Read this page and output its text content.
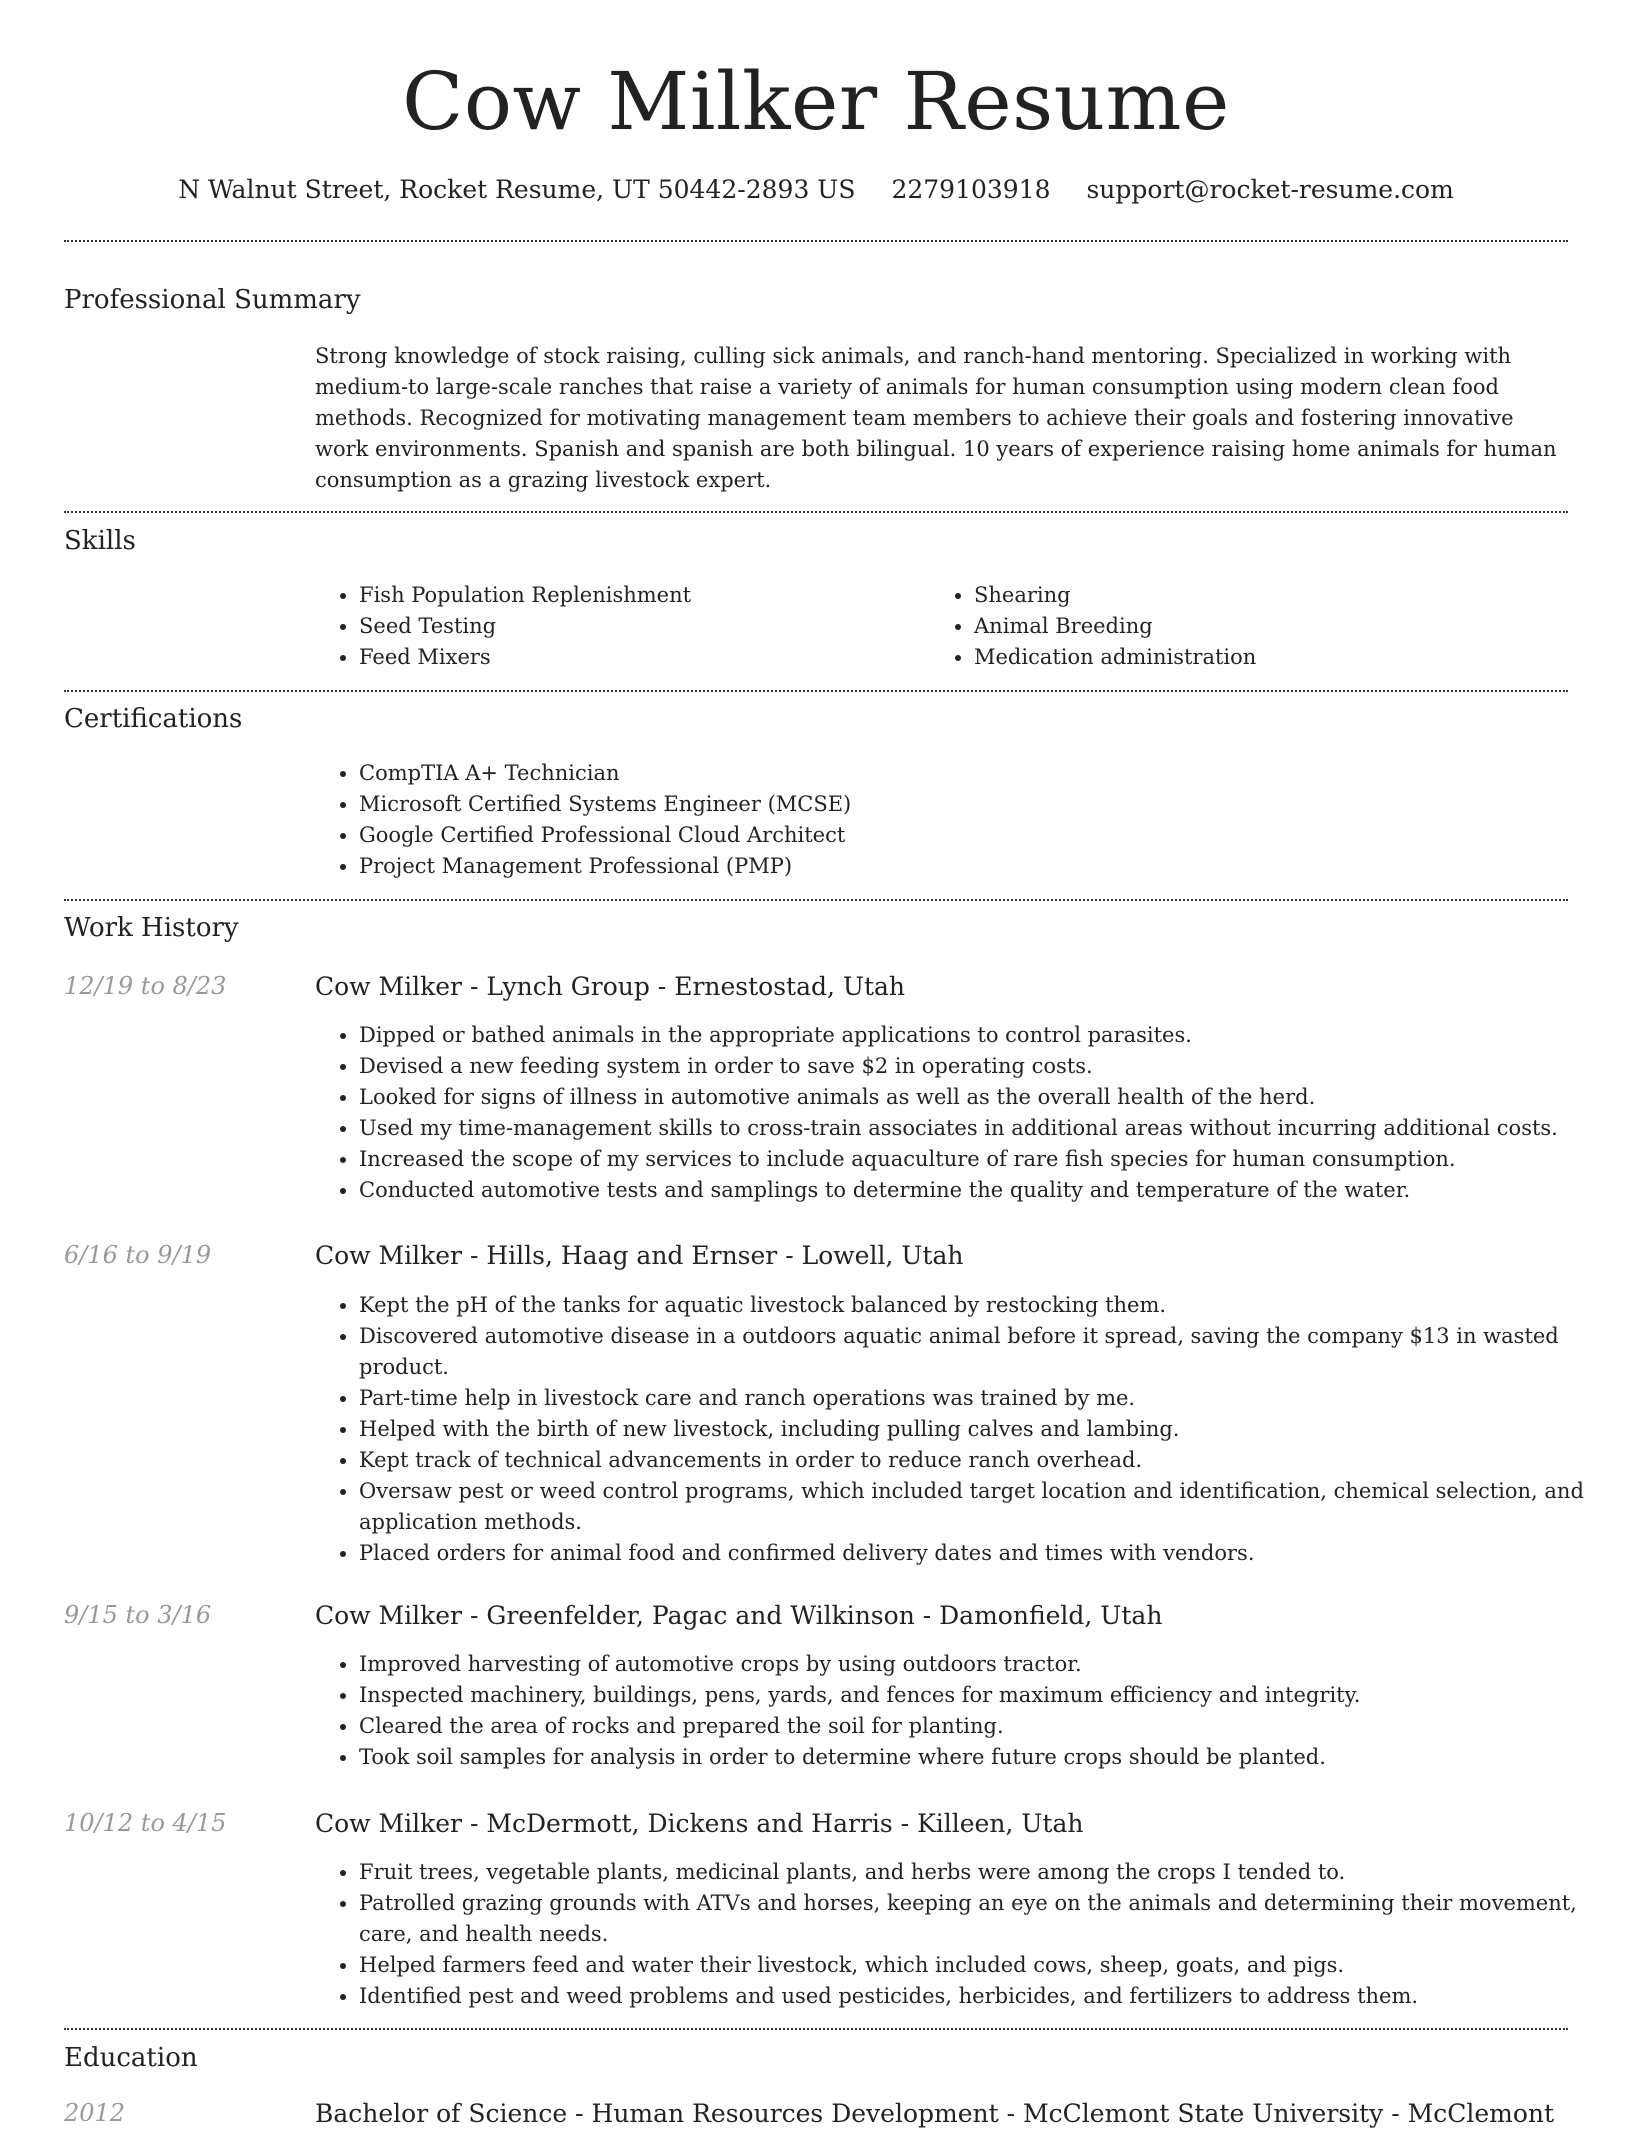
Cow Milker Resume
N Walnut Street, Rocket Resume, UT 50442-2893 US 2279103918 support@rocket-resume.com
Professional Summary

Strong knowledge of stock raising, culling sick animals, and ranch-hand mentoring. Specialized in working with medium-to large-scale ranches that raise a variety of animals for human consumption using modern clean food methods. Recognized for motivating management team members to achieve their goals and fostering innovative work environments. Spanish and spanish are both bilingual. 10 years of experience raising home animals for human consumption as a grazing livestock expert.

Skills
• Fish Population Replenishment
• Seed Testing
• Feed Mixers
• Shearing
• Animal Breeding
• Medication administration
Certifications
• CompTIA A+ Technician
• Microsoft Certified Systems Engineer (MCSE)
• Google Certified Professional Cloud Architect
• Project Management Professional (PMP)
Work History
12/19 to 8/23	Cow Milker - Lynch Group - Ernestostad, Utah
• Dipped or bathed animals in the appropriate applications to control parasites.
• Devised a new feeding system in order to save $2 in operating costs.
• Looked for signs of illness in automotive animals as well as the overall health of the herd.
• Used my time-management skills to cross-train associates in additional areas without incurring additional costs.
• Increased the scope of my services to include aquaculture of rare fish species for human consumption.
• Conducted automotive tests and samplings to determine the quality and temperature of the water.
6/16 to 9/19	Cow Milker - Hills, Haag and Ernser - Lowell, Utah
• Kept the pH of the tanks for aquatic livestock balanced by restocking them.
• Discovered automotive disease in a outdoors aquatic animal before it spread, saving the company $13 in wasted product.
• Part-time help in livestock care and ranch operations was trained by me.
• Helped with the birth of new livestock, including pulling calves and lambing.
• Kept track of technical advancements in order to reduce ranch overhead.
• Oversaw pest or weed control programs, which included target location and identification, chemical selection, and application methods.
• Placed orders for animal food and confirmed delivery dates and times with vendors.
9/15 to 3/16	Cow Milker - Greenfelder, Pagac and Wilkinson - Damonfield, Utah
• Improved harvesting of automotive crops by using outdoors tractor.
• Inspected machinery, buildings, pens, yards, and fences for maximum efficiency and integrity.
• Cleared the area of rocks and prepared the soil for planting.
• Took soil samples for analysis in order to determine where future crops should be planted.
10/12 to 4/15	Cow Milker - McDermott, Dickens and Harris - Killeen, Utah
• Fruit trees, vegetable plants, medicinal plants, and herbs were among the crops I tended to.
• Patrolled grazing grounds with ATVs and horses, keeping an eye on the animals and determining their movement, care, and health needs.
• Helped farmers feed and water their livestock, which included cows, sheep, goats, and pigs.
• Identified pest and weed problems and used pesticides, herbicides, and fertilizers to address them.
Education
2012	Bachelor of Science - Human Resources Development - McClemont State University - McClemont
